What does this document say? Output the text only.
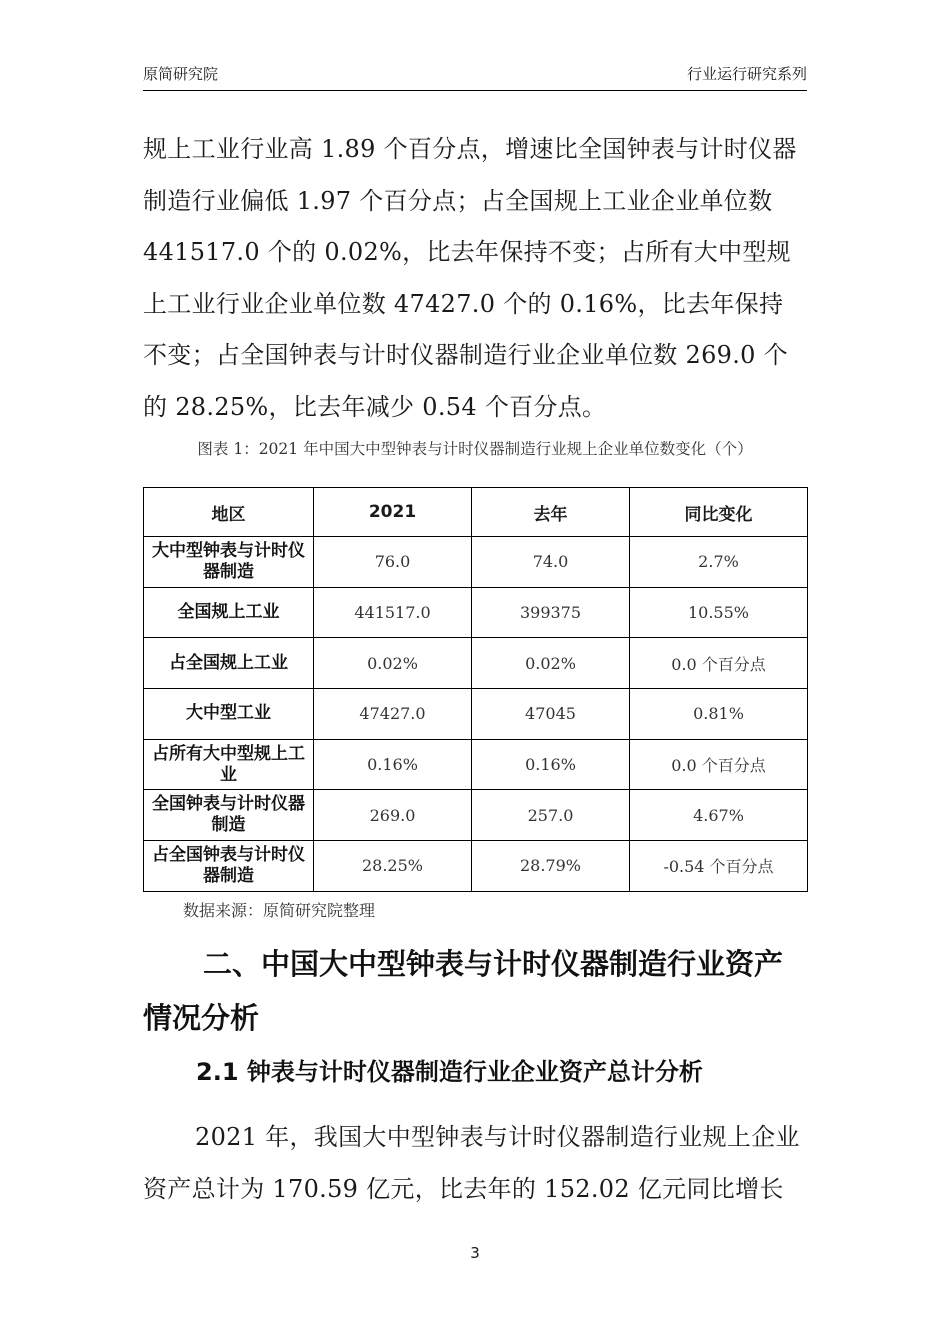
原简研究院	行业运行研究系列

规上工业行业高 1.89 个百分点，增速比全国钟表与计时仪器制造行业偏低 1.97 个百分点；占全国规上工业企业单位数 441517.0 个的 0.02%，比去年保持不变；占所有大中型规上工业行业企业单位数 47427.0 个的 0.16%，比去年保持不变；占全国钟表与计时仪器制造行业企业单位数 269.0 个的 28.25%，比去年减少 0.54 个百分点。

图表 1：2021 年中国大中型钟表与计时仪器制造行业规上企业单位数变化（个）
地区	2021	去年	同比变化
大中型钟表与计时仪器制造	76.0	74.0	2.7%
全国规上工业	441517.0	399375	10.55%
占全国规上工业	0.02%	0.02%	0.0 个百分点
大中型工业	47427.0	47045	0.81%
占所有大中型规上工业	0.16%	0.16%	0.0 个百分点
全国钟表与计时仪器制造	269.0	257.0	4.67%
占全国钟表与计时仪器制造	28.25%	28.79%	-0.54 个百分点
数据来源：原简研究院整理
二、中国大中型钟表与计时仪器制造行业资产情况分析
2.1 钟表与计时仪器制造行业企业资产总计分析

2021 年，我国大中型钟表与计时仪器制造行业规上企业资产总计为 170.59 亿元，比去年的 152.02 亿元同比增长

3
